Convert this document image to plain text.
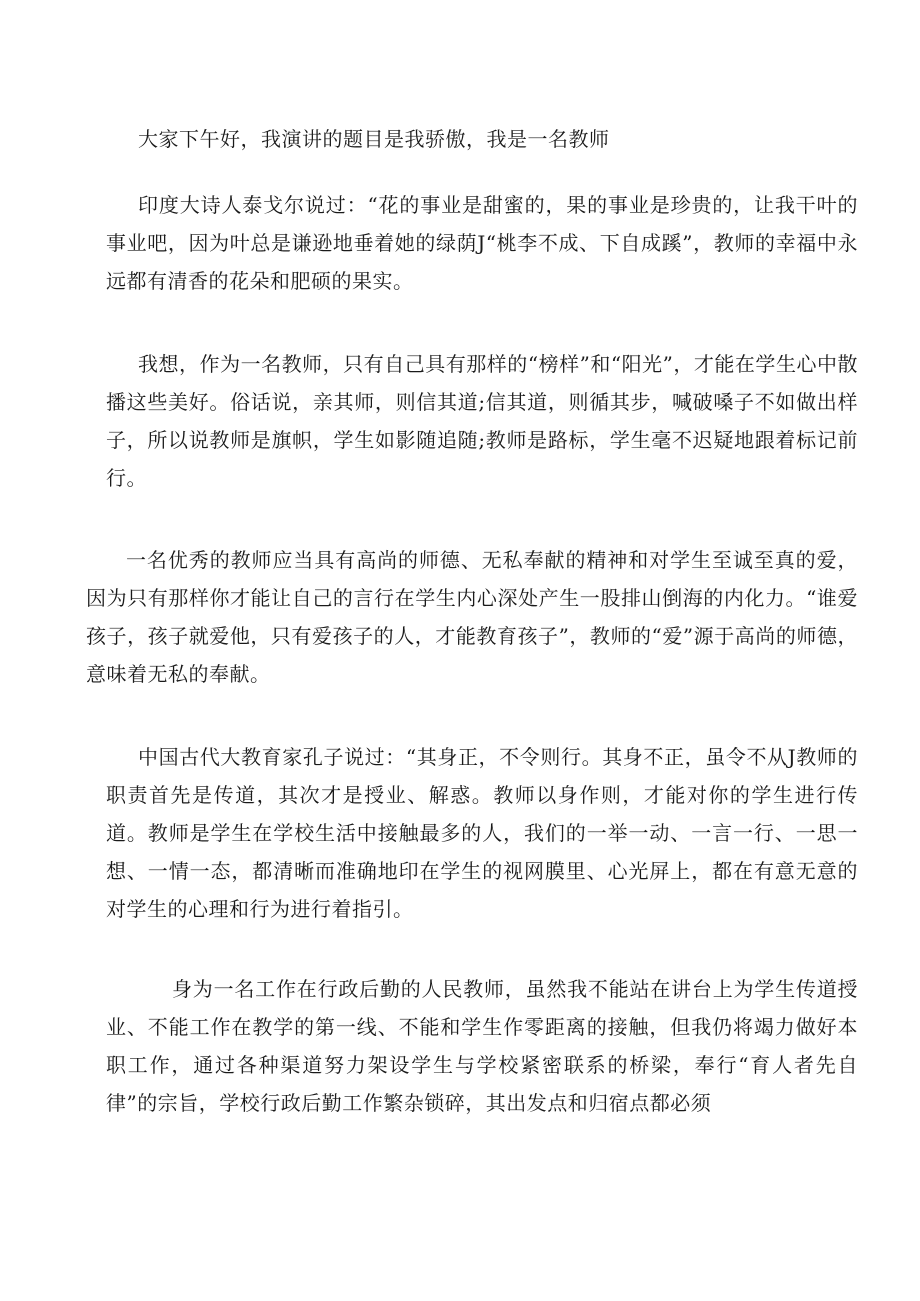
大家下午好，我演讲的题目是我骄傲，我是一名教师

印度大诗人泰戈尔说过：“花的事业是甜蜜的，果的事业是珍贵的，让我干叶的事业吧，因为叶总是谦逊地垂着她的绿荫J“桃李不成、下自成蹊”，教师的幸福中永远都有清香的花朵和肥硕的果实。

我想，作为一名教师，只有自己具有那样的“榜样”和“阳光”，才能在学生心中散播这些美好。俗话说，亲其师，则信其道;信其道，则循其步，喊破嗓子不如做出样子，所以说教师是旗帜，学生如影随追随;教师是路标，学生毫不迟疑地跟着标记前行。

一名优秀的教师应当具有高尚的师德、无私奉献的精神和对学生至诚至真的爱，因为只有那样你才能让自己的言行在学生内心深处产生一股排山倒海的内化力。“谁爱孩子，孩子就爱他，只有爱孩子的人，才能教育孩子”，教师的“爱”源于高尚的师德，意味着无私的奉献。

中国古代大教育家孔子说过：“其身正，不令则行。其身不正，虽令不从J教师的职责首先是传道，其次才是授业、解惑。教师以身作则，才能对你的学生进行传道。教师是学生在学校生活中接触最多的人，我们的一举一动、一言一行、一思一想、一情一态，都清晰而准确地印在学生的视网膜里、心光屏上，都在有意无意的对学生的心理和行为进行着指引。

身为一名工作在行政后勤的人民教师，虽然我不能站在讲台上为学生传道授业、不能工作在教学的第一线、不能和学生作零距离的接触，但我仍将竭力做好本职工作，通过各种渠道努力架设学生与学校紧密联系的桥梁，奉行“育人者先自律”的宗旨，学校行政后勤工作繁杂锁碎，其出发点和归宿点都必须
